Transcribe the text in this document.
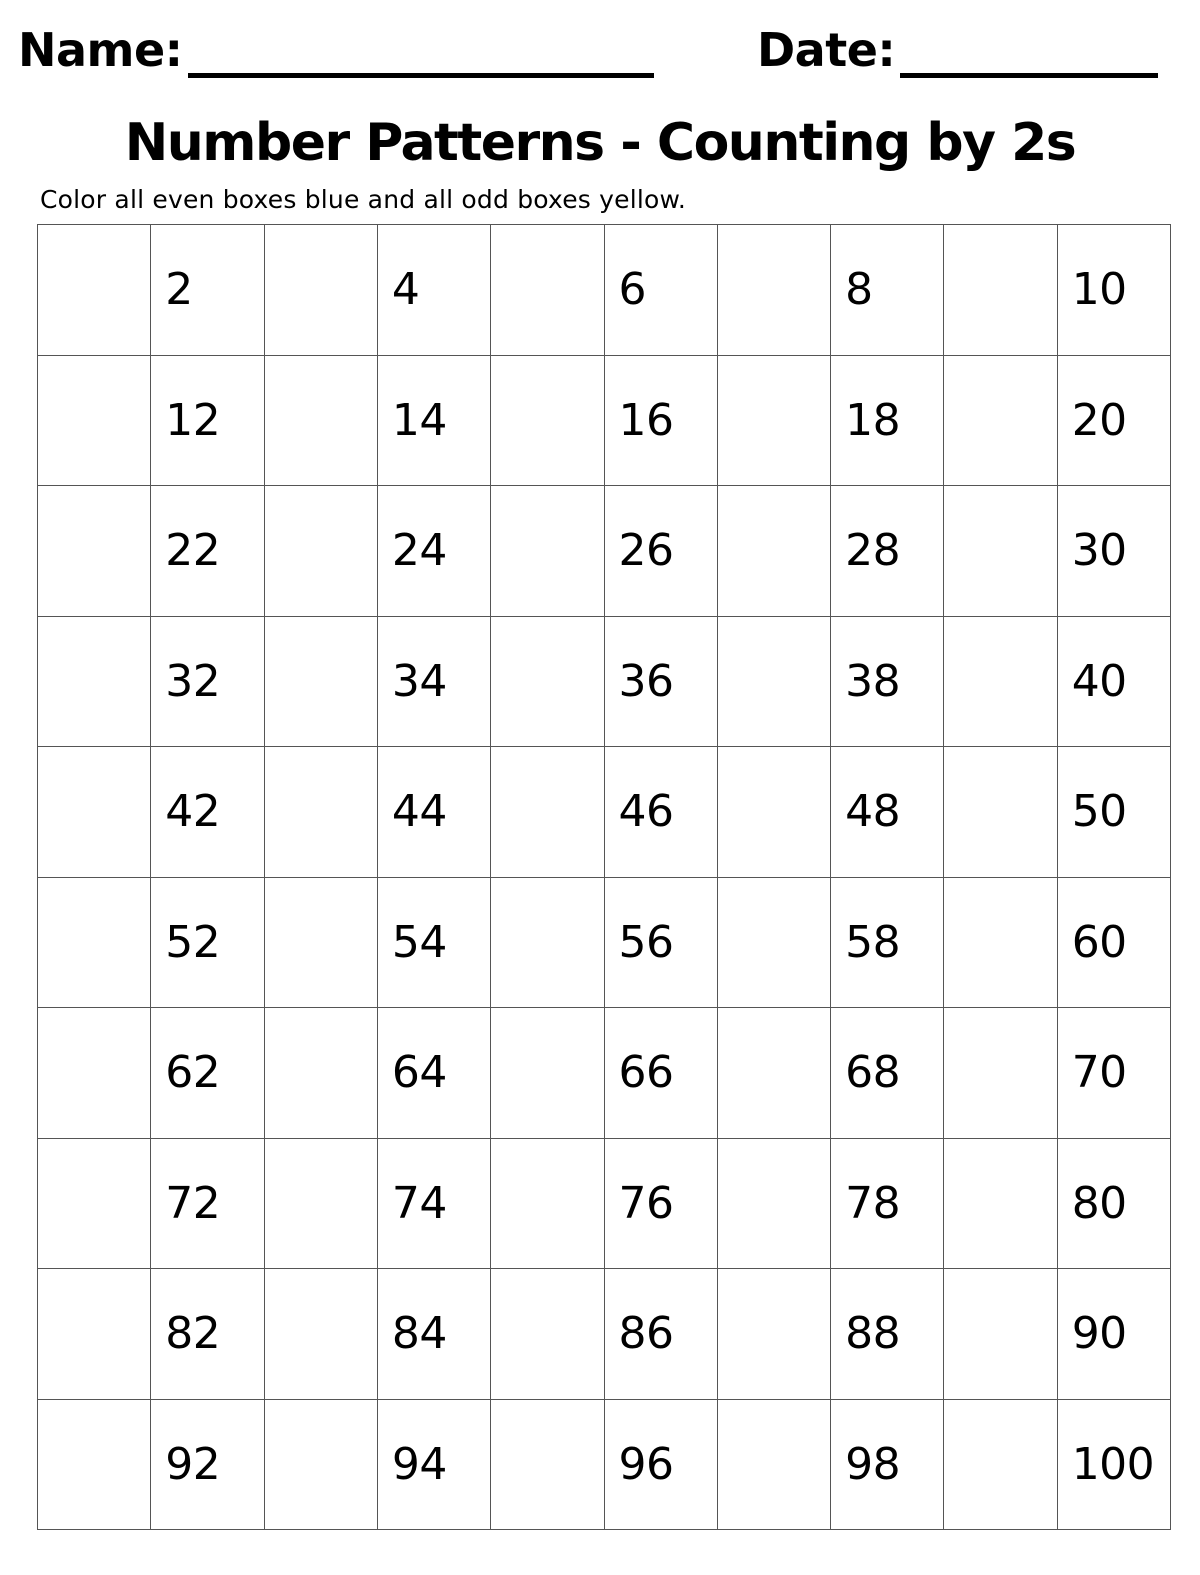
Name:	Date:
Number Patterns - Counting by 2s
Color all even boxes blue and all odd boxes yellow.
2	4	6	8	10
12	14	16	18	20
22	24	26	28	30
32	34	36	38	40
42	44	46	48	50
52	54	56	58	60
62	64	66	68	70
72	74	76	78	80
82	84	86	88	90
92	94	96	98	100
